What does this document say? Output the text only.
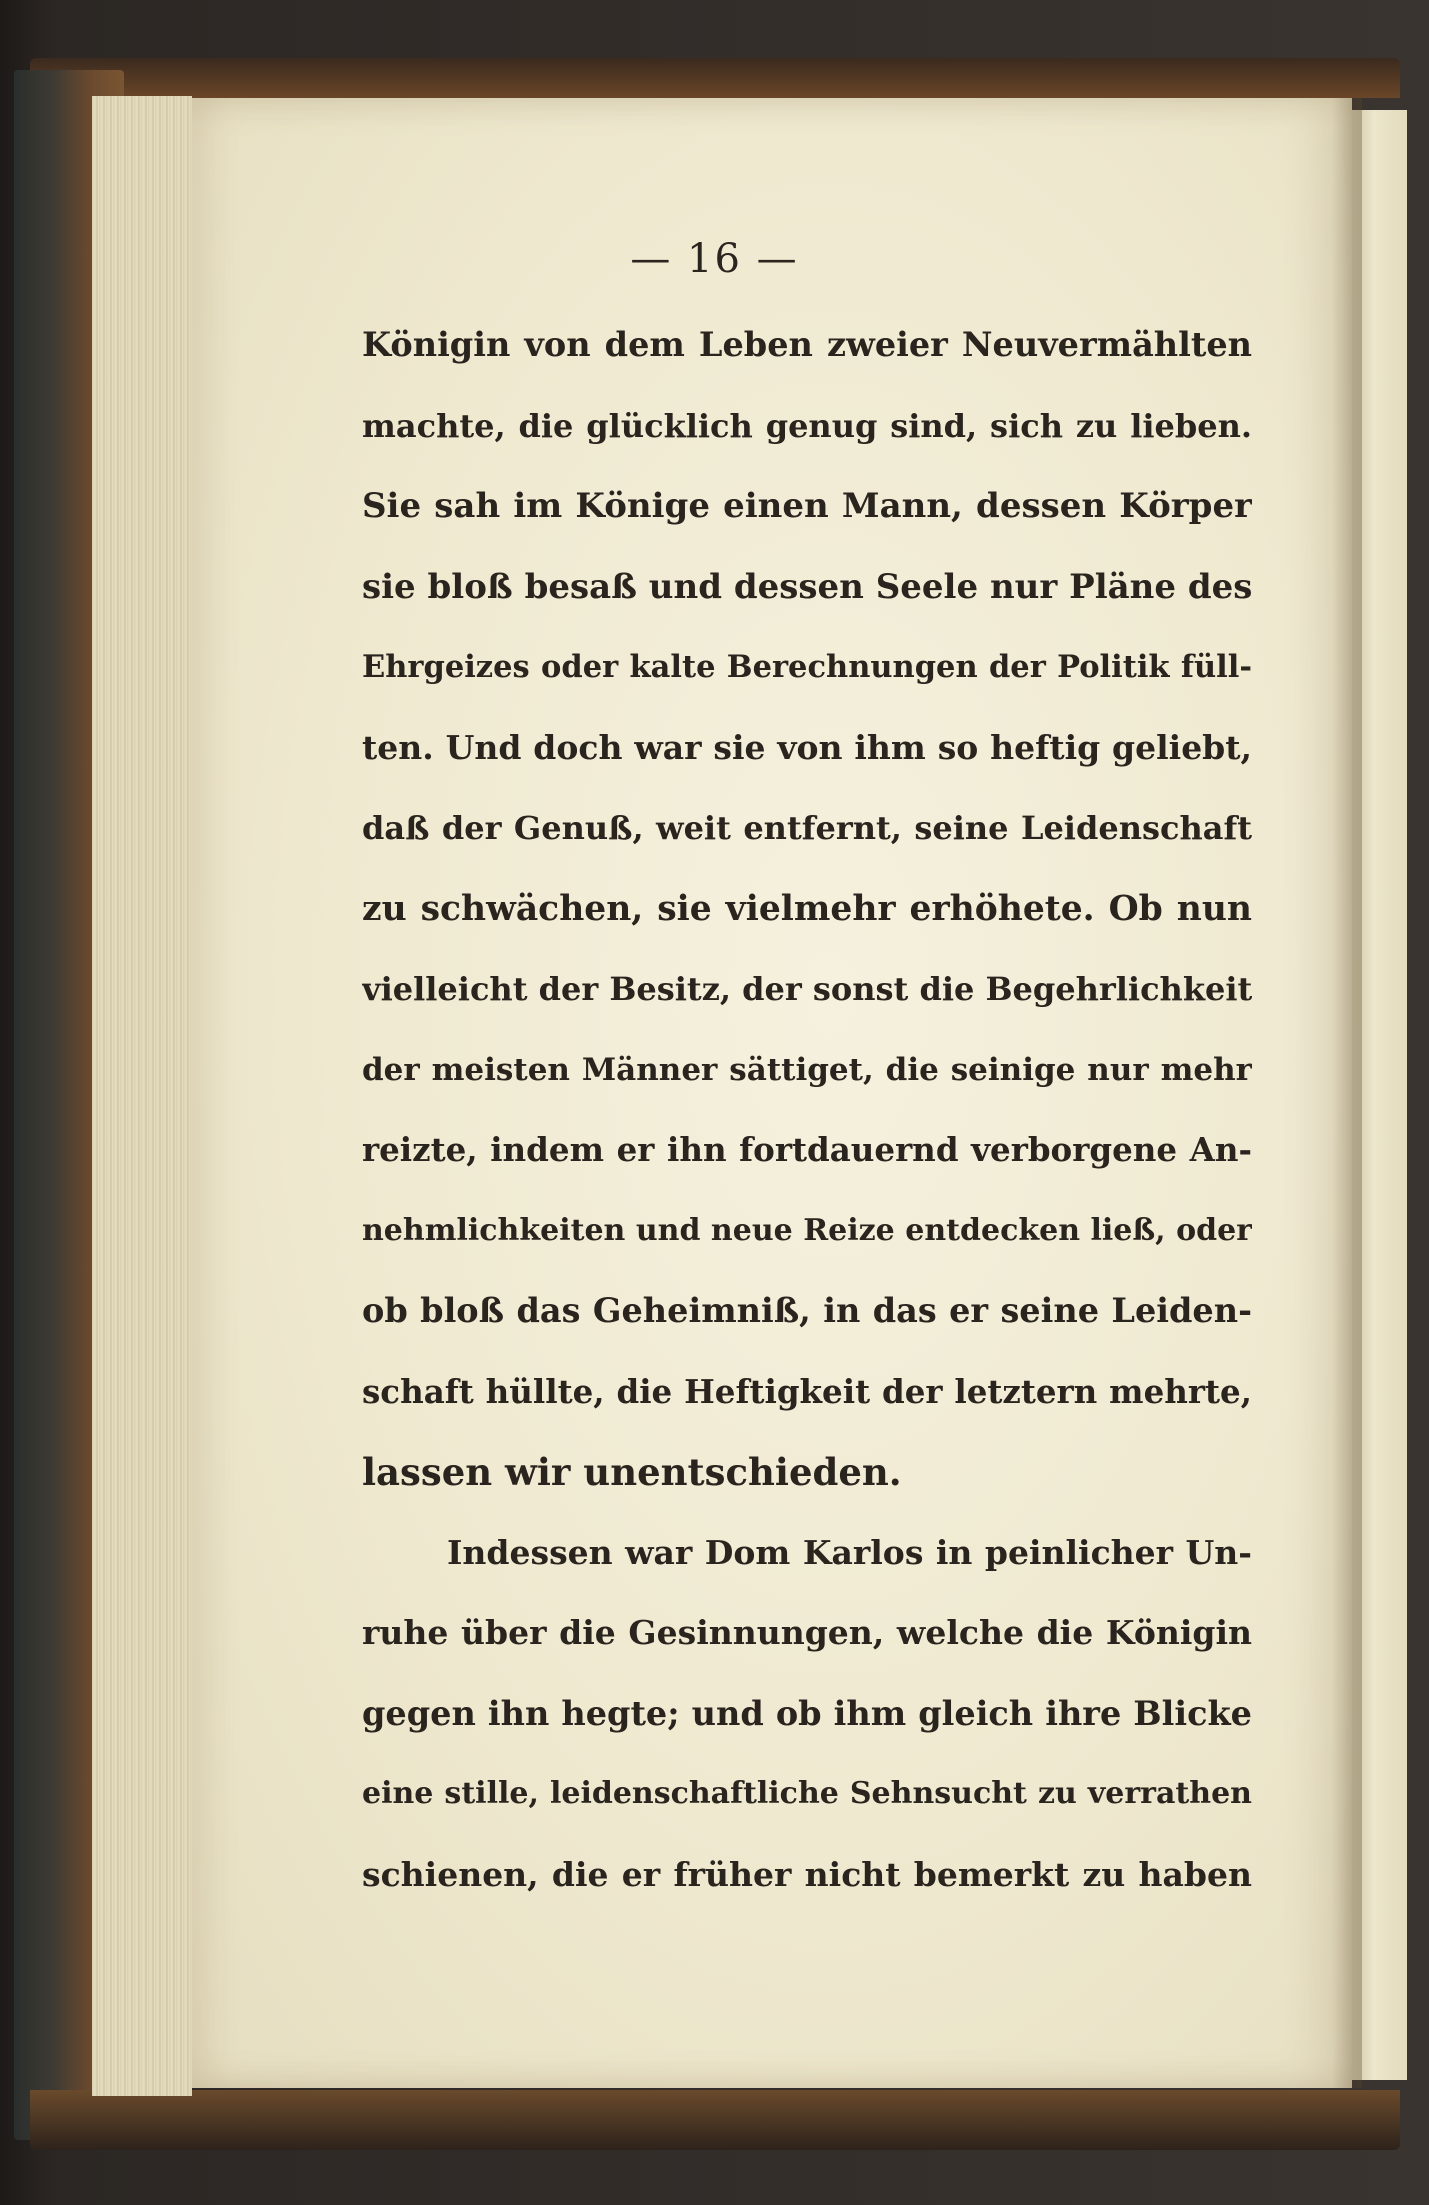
— 16 —
Königin von dem Leben zweier Neuvermählten
machte, die glücklich genug sind, sich zu lieben.
Sie sah im Könige einen Mann, dessen Körper
sie bloß besaß und dessen Seele nur Pläne des
Ehrgeizes oder kalte Berechnungen der Politik füll-
ten. Und doch war sie von ihm so heftig geliebt,
daß der Genuß, weit entfernt, seine Leidenschaft
zu schwächen, sie vielmehr erhöhete. Ob nun
vielleicht der Besitz, der sonst die Begehrlichkeit
der meisten Männer sättiget, die seinige nur mehr
reizte, indem er ihn fortdauernd verborgene An-
nehmlichkeiten und neue Reize entdecken ließ, oder
ob bloß das Geheimniß, in das er seine Leiden-
schaft hüllte, die Heftigkeit der letztern mehrte,
lassen wir unentschieden.
Indessen war Dom Karlos in peinlicher Un-
ruhe über die Gesinnungen, welche die Königin
gegen ihn hegte; und ob ihm gleich ihre Blicke
eine stille, leidenschaftliche Sehnsucht zu verrathen
schienen, die er früher nicht bemerkt zu haben
